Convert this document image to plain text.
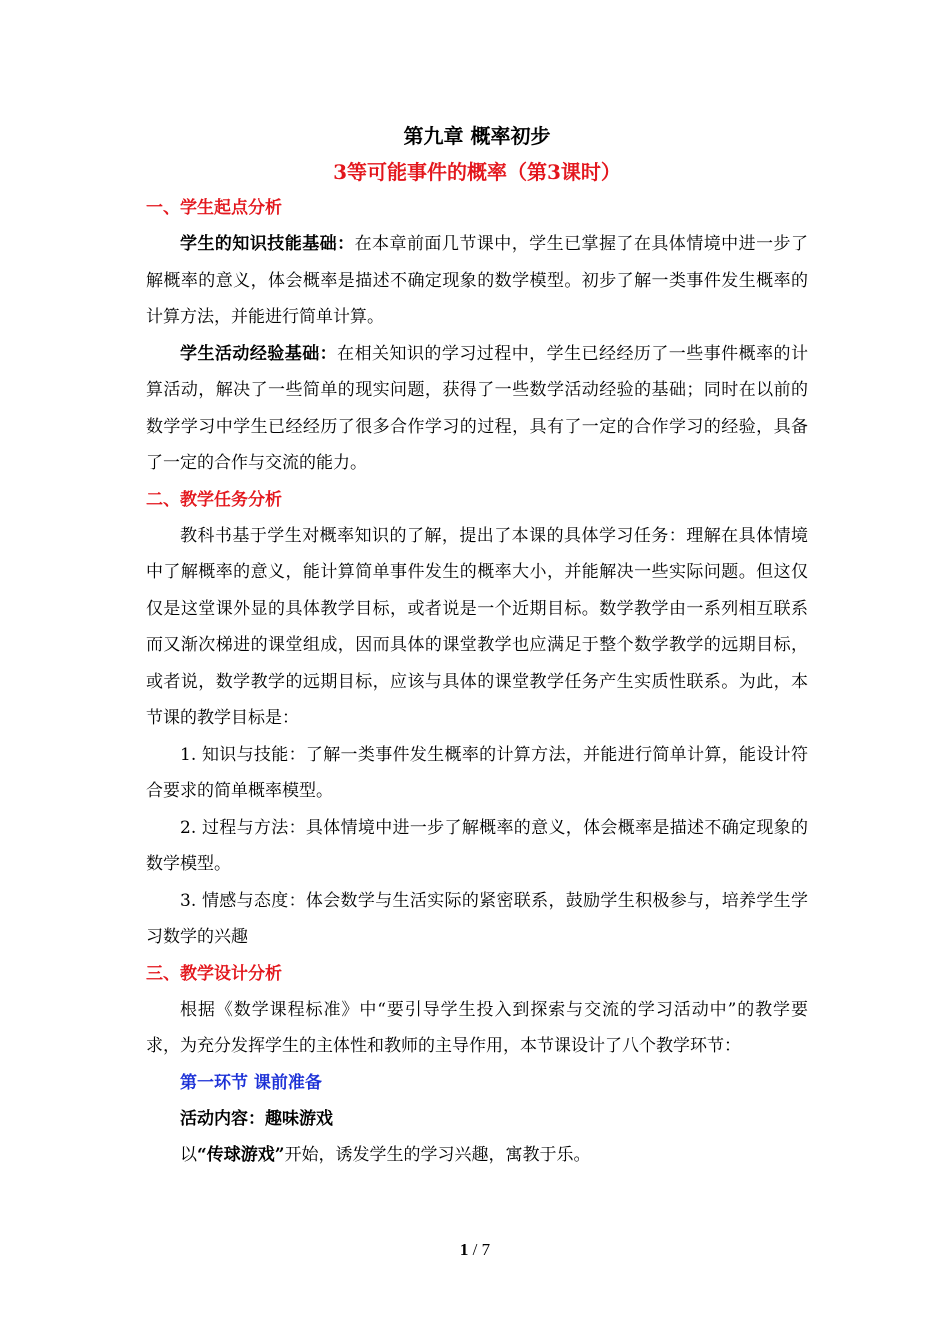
第九章 概率初步
3等可能事件的概率（第3课时）

一、学生起点分析

学生的知识技能基础：在本章前面几节课中，学生已掌握了在具体情境中进一步了解概率的意义，体会概率是描述不确定现象的数学模型。初步了解一类事件发生概率的计算方法，并能进行简单计算。

学生活动经验基础：在相关知识的学习过程中，学生已经经历了一些事件概率的计算活动，解决了一些简单的现实问题，获得了一些数学活动经验的基础；同时在以前的数学学习中学生已经经历了很多合作学习的过程，具有了一定的合作学习的经验，具备了一定的合作与交流的能力。

二、教学任务分析

教科书基于学生对概率知识的了解，提出了本课的具体学习任务：理解在具体情境中了解概率的意义，能计算简单事件发生的概率大小，并能解决一些实际问题。但这仅仅是这堂课外显的具体教学目标，或者说是一个近期目标。数学教学由一系列相互联系而又渐次梯进的课堂组成，因而具体的课堂教学也应满足于整个数学教学的远期目标，或者说，数学教学的远期目标，应该与具体的课堂教学任务产生实质性联系。为此，本节课的教学目标是：

1. 知识与技能：了解一类事件发生概率的计算方法，并能进行简单计算，能设计符合要求的简单概率模型。

2. 过程与方法：具体情境中进一步了解概率的意义，体会概率是描述不确定现象的数学模型。

3. 情感与态度：体会数学与生活实际的紧密联系，鼓励学生积极参与，培养学生学习数学的兴趣

三、教学设计分析

根据《数学课程标准》中“要引导学生投入到探索与交流的学习活动中”的教学要求，为充分发挥学生的主体性和教师的主导作用，本节课设计了八个教学环节：

第一环节 课前准备

活动内容：趣味游戏

以“传球游戏”开始，诱发学生的学习兴趣，寓教于乐。

1 / 7
